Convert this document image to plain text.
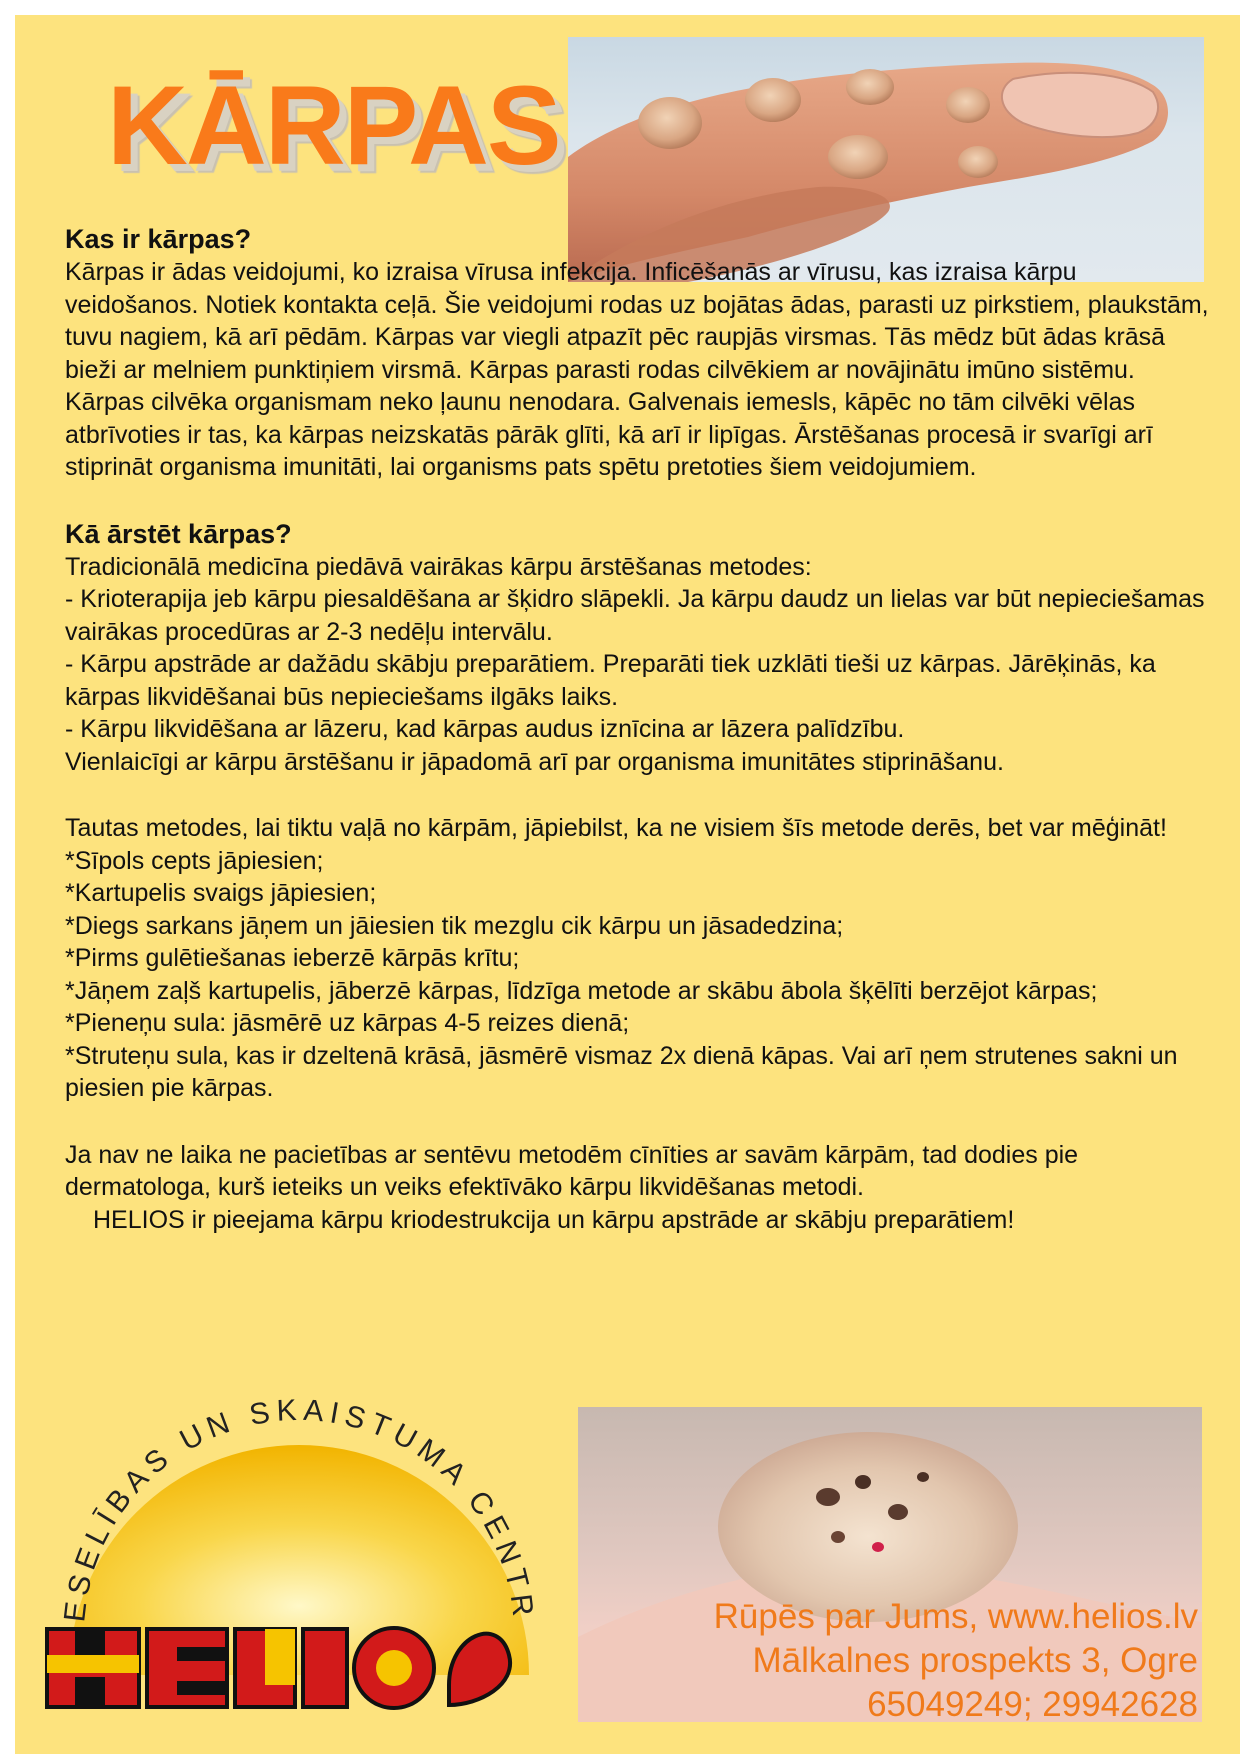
KĀRPAS
Kas ir kārpas?

Kārpas ir ādas veidojumi, ko izraisa vīrusa infekcija. Inficēšanās ar vīrusu, kas izraisa kārpu veidošanos. Notiek kontakta ceļā. Šie veidojumi rodas uz bojātas ādas, parasti uz pirkstiem, plaukstām, tuvu nagiem, kā arī pēdām. Kārpas var viegli atpazīt pēc raupjās virsmas. Tās mēdz būt ādas krāsā bieži ar melniem punktiņiem virsmā. Kārpas parasti rodas cilvēkiem ar novājinātu imūno sistēmu.

Kārpas cilvēka organismam neko ļaunu nenodara. Galvenais iemesls, kāpēc no tām cilvēki vēlas atbrīvoties ir tas, ka kārpas neizskatās pārāk glīti, kā arī ir lipīgas. Ārstēšanas procesā ir svarīgi arī stiprināt organisma imunitāti, lai organisms pats spētu pretoties šiem veidojumiem.

Kā ārstēt kārpas?

Tradicionālā medicīna piedāvā vairākas kārpu ārstēšanas metodes:

- Krioterapija jeb kārpu piesaldēšana ar šķidro slāpekli. Ja kārpu daudz un lielas var būt nepieciešamas vairākas procedūras ar 2-3 nedēļu intervālu.

- Kārpu apstrāde ar dažādu skābju preparātiem. Preparāti tiek uzklāti tieši uz kārpas. Jārēķinās, ka kārpas likvidēšanai būs nepieciešams ilgāks laiks.

- Kārpu likvidēšana ar lāzeru, kad kārpas audus iznīcina ar lāzera palīdzību.

Vienlaicīgi ar kārpu ārstēšanu ir jāpadomā arī par organisma imunitātes stiprināšanu.

Tautas metodes, lai tiktu vaļā no kārpām, jāpiebilst, ka ne visiem šīs metode derēs, bet var mēģināt!

*Sīpols cepts jāpiesien;

*Kartupelis svaigs jāpiesien;

*Diegs sarkans jāņem un jāiesien tik mezglu cik kārpu un jāsadedzina;

*Pirms gulētiešanas ieberzē kārpās krītu;

*Jāņem zaļš kartupelis, jāberzē kārpas, līdzīga metode ar skābu ābola šķēlīti berzējot kārpas;

*Pieneņu sula: jāsmērē uz kārpas 4-5 reizes dienā;

*Struteņu sula, kas ir dzeltenā krāsā, jāsmērē vismaz 2x dienā kāpas. Vai arī ņem strutenes sakni un piesien pie kārpas.

Ja nav ne laika ne pacietības ar sentēvu metodēm cīnīties ar savām kārpām, tad dodies pie dermatologa, kurš ieteiks un veiks efektīvāko kārpu likvidēšanas metodi.

HELIOS ir pieejama kārpu kriodestrukcija un kārpu apstrāde ar skābju preparātiem!

Rūpēs par Jums, www.helios.lv
Mālkalnes prospekts 3, Ogre
65049249; 29942628
ESELĪBAS UN SKAISTUMA CENTR
HELIOS
